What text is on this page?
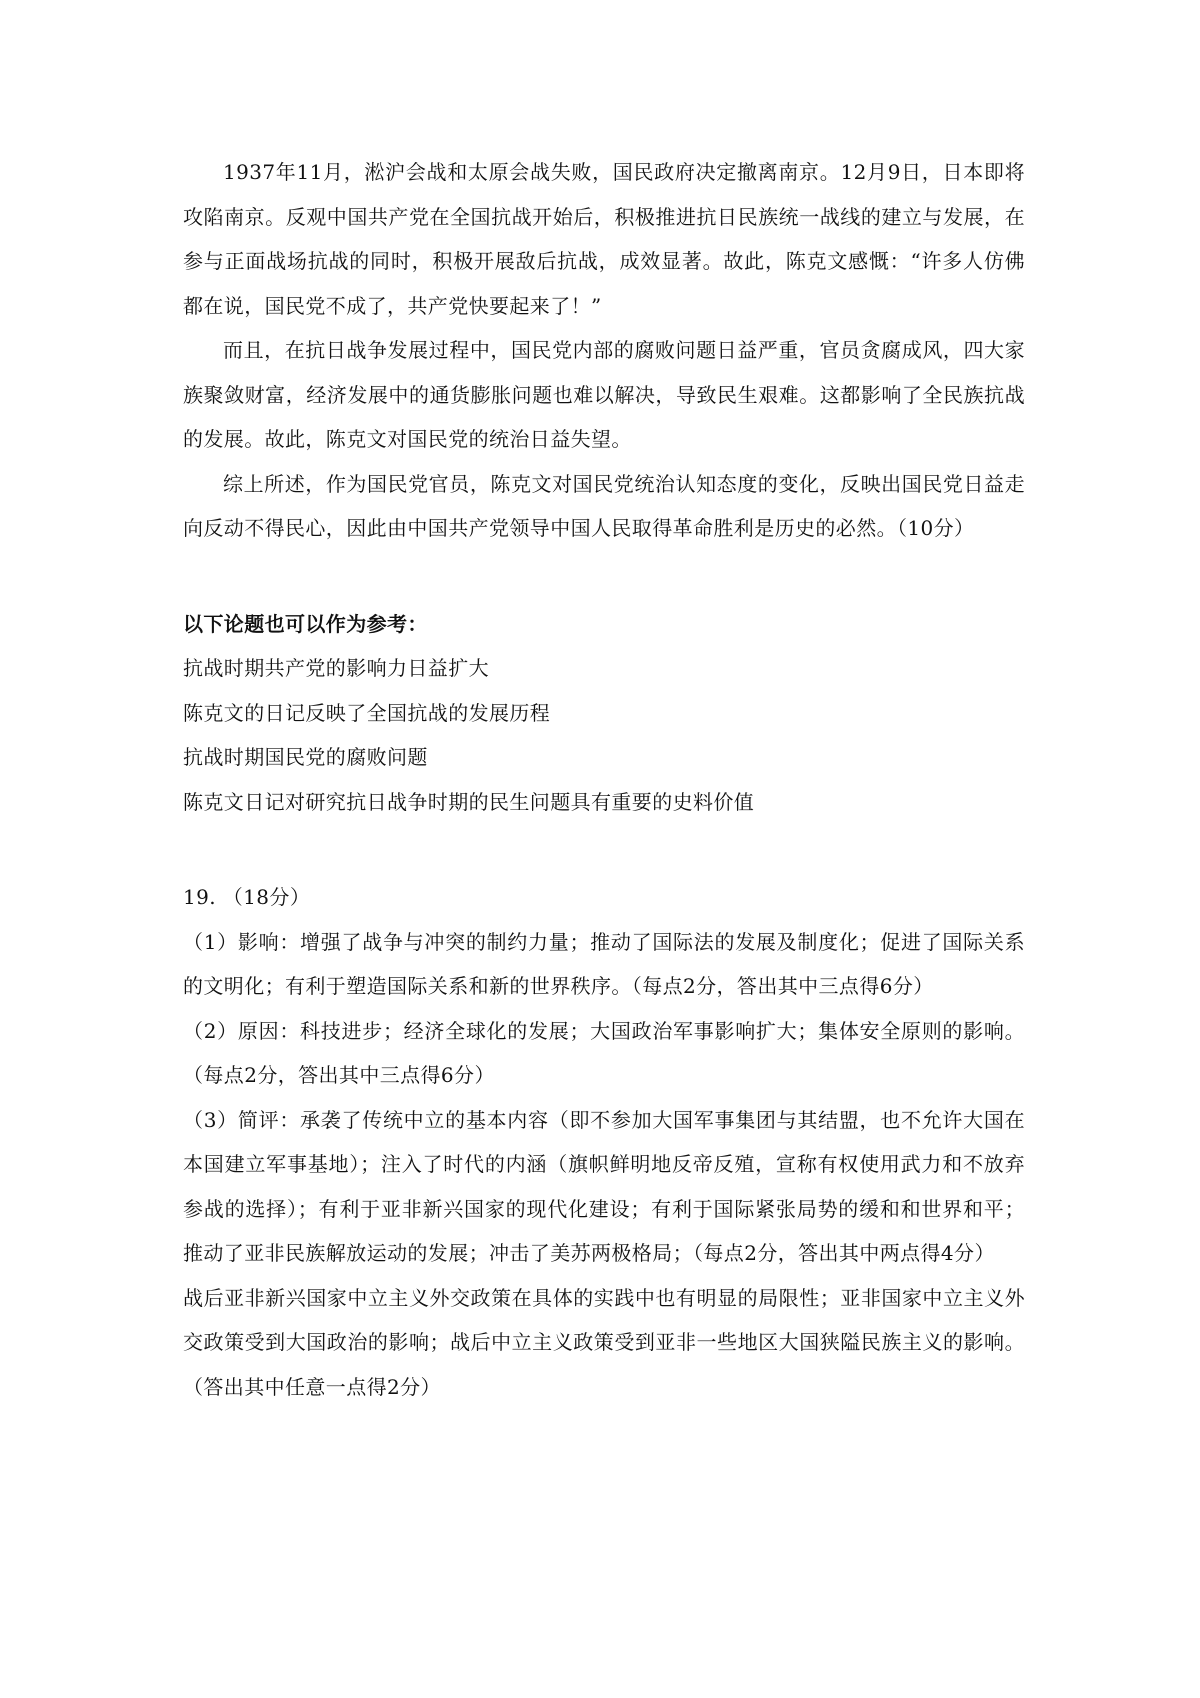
1937年11月，淞沪会战和太原会战失败，国民政府决定撤离南京。12月9日，日本即将攻陷南京。反观中国共产党在全国抗战开始后，积极推进抗日民族统一战线的建立与发展，在参与正面战场抗战的同时，积极开展敌后抗战，成效显著。故此，陈克文感慨：“许多人仿佛都在说，国民党不成了，共产党快要起来了！”

而且，在抗日战争发展过程中，国民党内部的腐败问题日益严重，官员贪腐成风，四大家族聚敛财富，经济发展中的通货膨胀问题也难以解决，导致民生艰难。这都影响了全民族抗战的发展。故此，陈克文对国民党的统治日益失望。

综上所述，作为国民党官员，陈克文对国民党统治认知态度的变化，反映出国民党日益走向反动不得民心，因此由中国共产党领导中国人民取得革命胜利是历史的必然。（10分）

以下论题也可以作为参考：

抗战时期共产党的影响力日益扩大

陈克文的日记反映了全国抗战的发展历程

抗战时期国民党的腐败问题

陈克文日记对研究抗日战争时期的民生问题具有重要的史料价值

19. （18分）

（1）影响：增强了战争与冲突的制约力量；推动了国际法的发展及制度化；促进了国际关系的文明化；有利于塑造国际关系和新的世界秩序。（每点2分，答出其中三点得6分）

（2）原因：科技进步；经济全球化的发展；大国政治军事影响扩大；集体安全原则的影响。（每点2分，答出其中三点得6分）

（3）简评：承袭了传统中立的基本内容（即不参加大国军事集团与其结盟，也不允许大国在本国建立军事基地）；注入了时代的内涵（旗帜鲜明地反帝反殖，宣称有权使用武力和不放弃参战的选择）；有利于亚非新兴国家的现代化建设；有利于国际紧张局势的缓和和世界和平；推动了亚非民族解放运动的发展；冲击了美苏两极格局；（每点2分，答出其中两点得4分）

战后亚非新兴国家中立主义外交政策在具体的实践中也有明显的局限性；亚非国家中立主义外交政策受到大国政治的影响；战后中立主义政策受到亚非一些地区大国狭隘民族主义的影响。（答出其中任意一点得2分）
